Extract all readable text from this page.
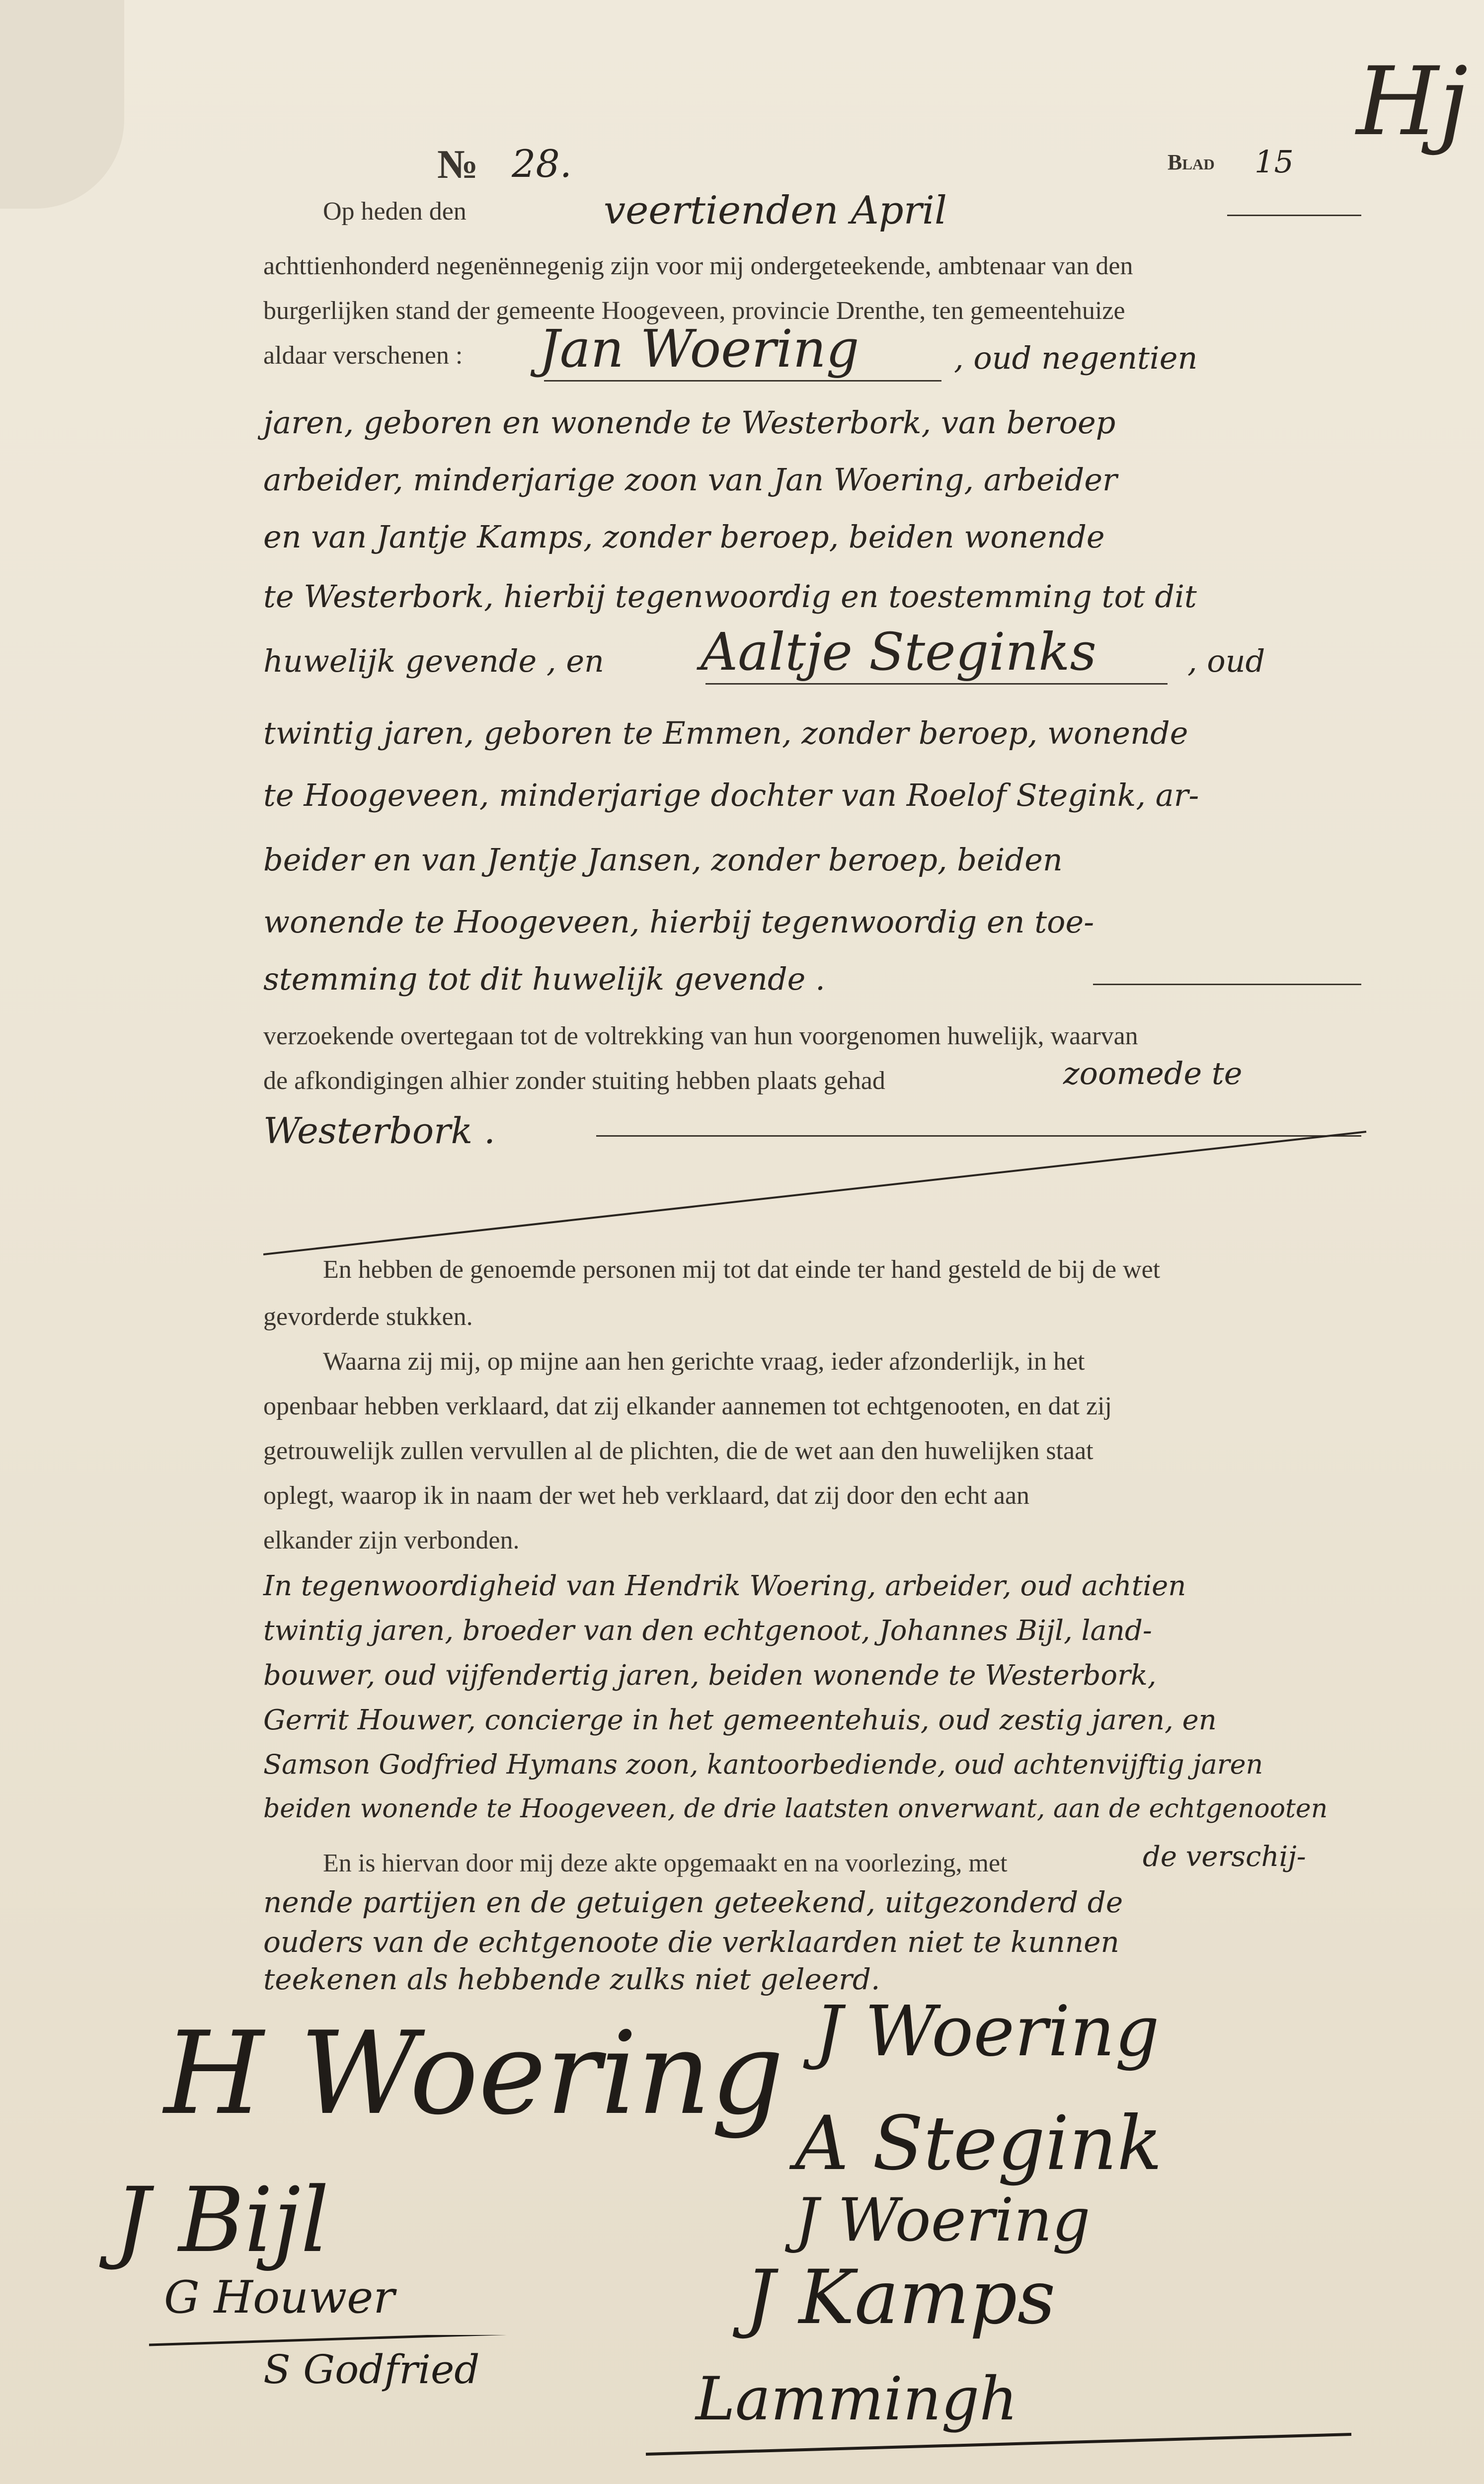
Hj
№ 28.	Blad 15
Op heden den	veertienden April
achttienhonderd negenënnegenig zijn voor mij ondergeteekende, ambtenaar van den
burgerlijken stand der gemeente Hoogeveen, provincie Drenthe, ten gemeentehuize
aldaar verschenen : Jan Woering	, oud negentien
jaren, geboren en wonende te Westerbork, van beroep
arbeider, minderjarige zoon van Jan Woering, arbeider
en van Jantje Kamps, zonder beroep, beiden wonende
te Westerbork, hierbij tegenwoordig en toestemming tot dit
huwelijk gevende , en Aaltje Steginks	, oud
twintig jaren, geboren te Emmen, zonder beroep, wonende
te Hoogeveen, minderjarige dochter van Roelof Stegink, ar-
beider en van Jentje Jansen, zonder beroep, beiden
wonende te Hoogeveen, hierbij tegenwoordig en toe-
stemming tot dit huwelijk gevende .
verzoekende overtegaan tot de voltrekking van hun voorgenomen huwelijk, waarvan
de afkondigingen alhier zonder stuiting hebben plaats gehad	zoomede te
Westerbork .
En hebben de genoemde personen mij tot dat einde ter hand gesteld de bij de wet
gevorderde stukken.
Waarna zij mij, op mijne aan hen gerichte vraag, ieder afzonderlijk, in het
openbaar hebben verklaard, dat zij elkander aannemen tot echtgenooten, en dat zij
getrouwelijk zullen vervullen al de plichten, die de wet aan den huwelijken staat
oplegt, waarop ik in naam der wet heb verklaard, dat zij door den echt aan
elkander zijn verbonden.
In tegenwoordigheid van Hendrik Woering, arbeider, oud achtien
twintig jaren, broeder van den echtgenoot, Johannes Bijl, land-
bouwer, oud vijfendertig jaren, beiden wonende te Westerbork,
Gerrit Houwer, concierge in het gemeentehuis, oud zestig jaren, en
Samson Godfried Hymans zoon, kantoorbediende, oud achtenvijftig jaren
beiden wonende te Hoogeveen, de drie laatsten onverwant, aan de echtgenooten
En is hiervan door mij deze akte opgemaakt en na voorlezing, met	de verschij-
nende partijen en de getuigen geteekend, uitgezonderd de
ouders van de echtgenoote die verklaarden niet te kunnen
teekenen als hebbende zulks niet geleerd.
H Woering J Woering
A Stegink
J Bijl	J Woering
G Houwer	J Kamps
S Godfried	Lammingh
